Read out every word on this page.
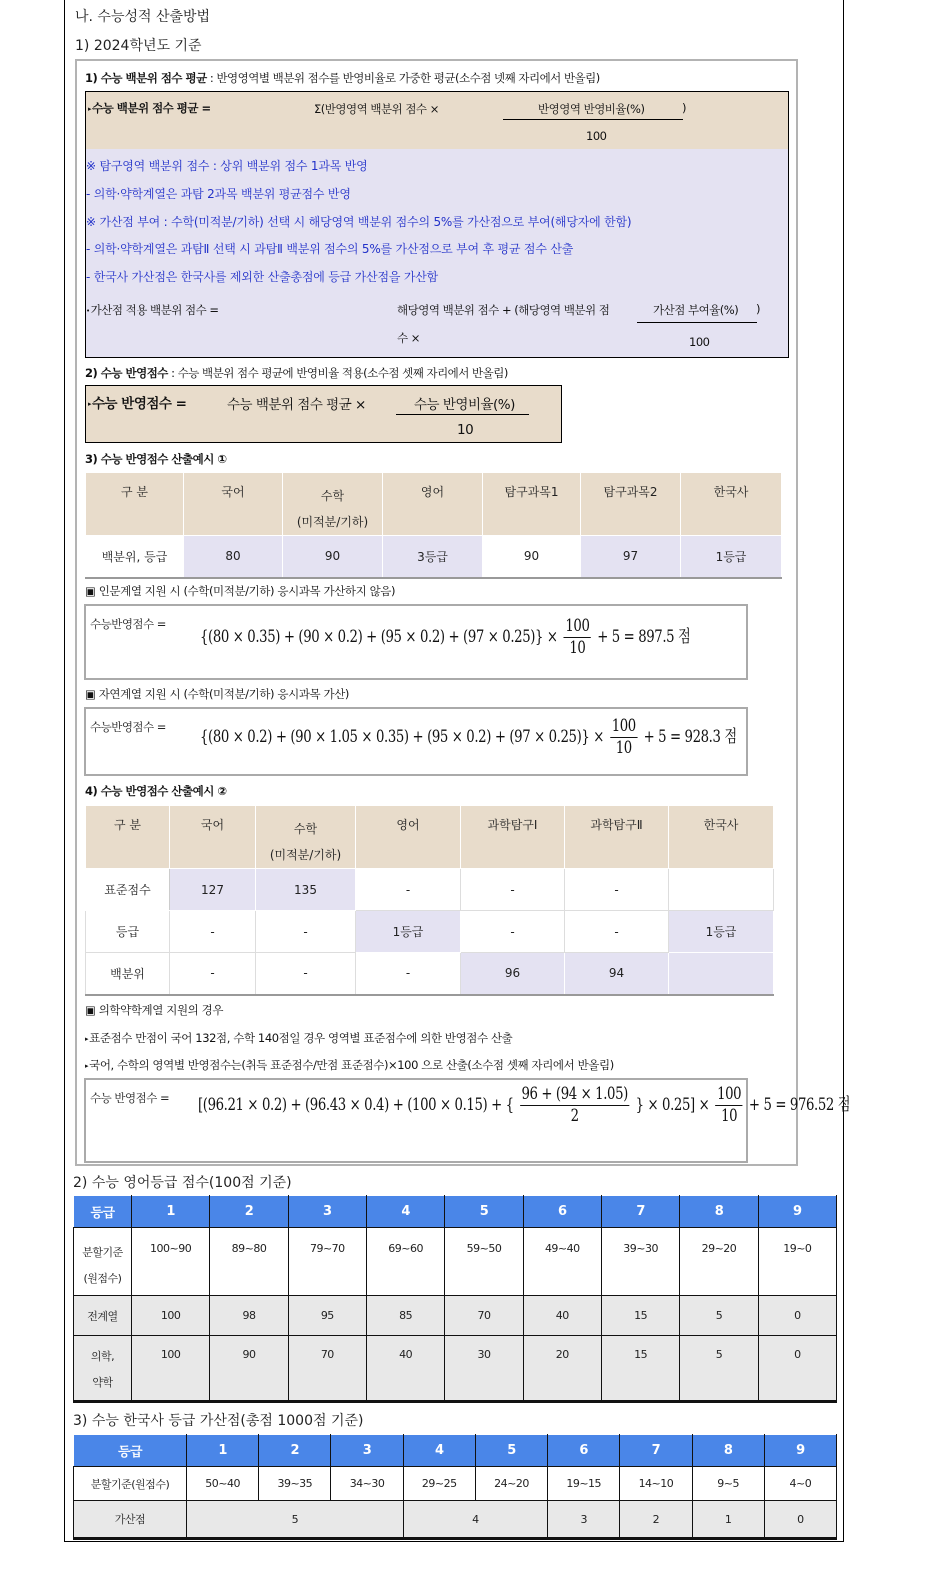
나. 수능성적 산출방법
1) 2024학년도 기준
1) 수능 백분위 점수 평균 : 반영영역별 백분위 점수를 반영비율로 가중한 평균(소수점 넷째 자리에서 반올림)
▸수능 백분위 점수 평균 =	Σ(반영영역 백분위 점수 ×	반영영역 반영비율(%)	)
100
※ 탐구영역 백분위 점수 : 상위 백분위 점수 1과목 반영
- 의학·약학계열은 과탐 2과목 백분위 평균점수 반영
※ 가산점 부여 : 수학(미적분/기하) 선택 시 해당영역 백분위 점수의 5%를 가산점으로 부여(해당자에 한함)
- 의학·약학계열은 과탐Ⅱ 선택 시 과탐Ⅱ 백분위 점수의 5%를 가산점으로 부여 후 평균 점수 산출
- 한국사 가산점은 한국사를 제외한 산출총점에 등급 가산점을 가산함
•가산점 적용 백분위 점수 =	해당영역 백분위 점수 + (해당영역 백분위 점
수 ×
가산점 부여율(%) )
100
2) 수능 반영점수 : 수능 백분위 점수 평균에 반영비율 적용(소수점 셋째 자리에서 반올림)
▸수능 반영점수 =	수능 백분위 점수 평균 ×	수능 반영비율(%)
10
3) 수능 반영점수 산출예시 ①
구 분	국어	수학
(미적분/기하)	영어	탐구과목1	탐구과목2	한국사
백분위, 등급	80	90	3등급	90	97	1등급
▣ 인문계열 지원 시 (수학(미적분/기하) 응시과목 가산하지 않음)
수능반영점수 =
$\{(80 \times 0.35) + (90 \times 0.2) + (95 \times 0.2) + (97 \times 0.25)\} \times \frac{100}{10} + 5 = 897.5$ 점
▣ 자연계열 지원 시 (수학(미적분/기하) 응시과목 가산)
수능반영점수 = $\{(80 \times 0.2) + (90 \times 1.05 \times 0.35) + (95 \times 0.2) + (97 \times 0.25)\} \times \frac{100}{10} + 5 = 928.3$ 점
4) 수능 반영점수 산출예시 ②
구 분	국어	수학
(미적분/기하)	영어	과학탐구Ⅰ	과학탐구Ⅱ	한국사
표준점수	127	135	-	-	-	
등급	-	-	1등급	-	-	1등급
백분위	-	-	-	96	94	
▣ 의학약학계열 지원의 경우
▸표준점수 만점이 국어 132점, 수학 140점일 경우 영역별 표준점수에 의한 반영점수 산출
▸국어, 수학의 영역별 반영점수는(취득 표준점수/만점 표준점수)×100 으로 산출(소수점 셋째 자리에서 반올림)
수능 반영점수 = [(96.21 × 0.2) + (96.43 × 0.4) + (100 × 0.15) + { $\frac{96 + (94 \times 1.05)}{2}$ } × $0.25] \times \frac{100}{10} + 5 = 976.52$ 점
2) 수능 영어등급 점수(100점 기준)
등급	1	2	3	4	5	6	7	8	9
분할기준
(원점수)	100~90	89~80	79~70	69~60	59~50	49~40	39~30	29~20	19~0
전계열	100	98	95	85	70	40	15	5	0
의학,
약학	100	90	70	40	30	20	15	5	0
3) 수능 한국사 등급 가산점(총점 1000점 기준)
등급	1	2	3	4	5	6	7	8	9
분할기준(원점수)	50~40	39~35	34~30	29~25	24~20	19~15	14~10	9~5	4~0
가산점	5			4		3	2	1	0
